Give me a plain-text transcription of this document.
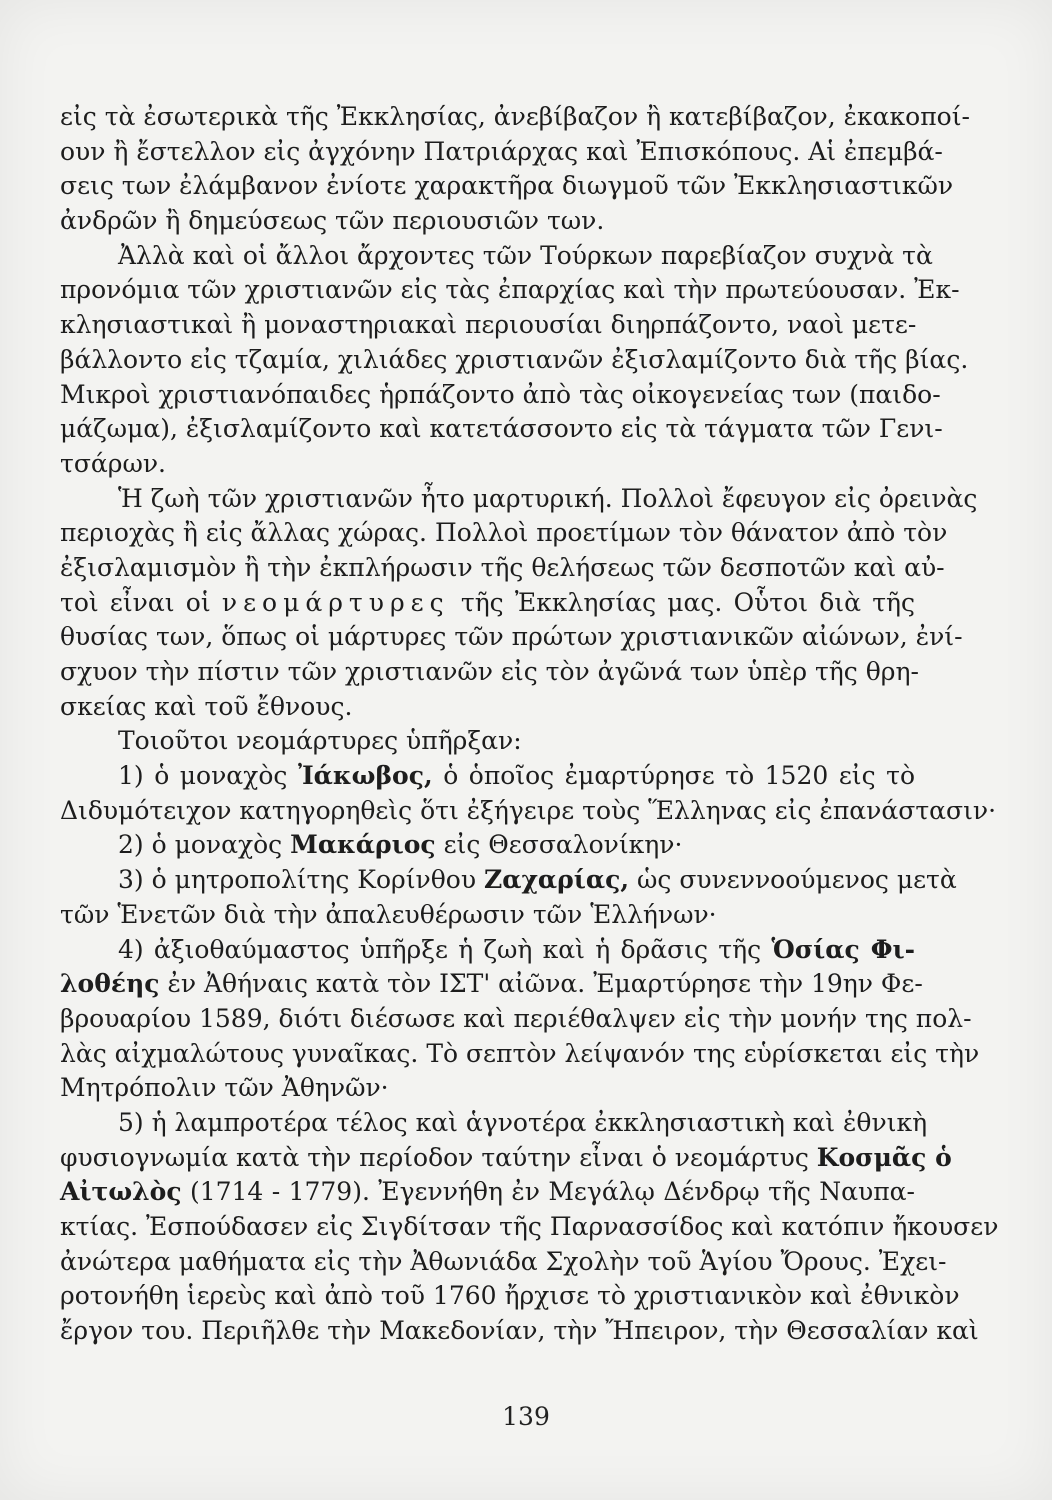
εἰς τὰ ἐσωτερικὰ τῆς Ἐκκλησίας, ἀνεβίβαζον ἢ κατεβίβαζον, ἐκακοποί-
ουν ἢ ἔστελλον εἰς ἀγχόνην Πατριάρχας καὶ Ἐπισκόπους. Αἱ ἐπεμβά-
σεις των ἐλάμβανον ἐνίοτε χαρακτῆρα διωγμοῦ τῶν Ἐκκλησιαστικῶν
ἀνδρῶν ἢ δημεύσεως τῶν περιουσιῶν των.
Ἀλλὰ καὶ οἱ ἄλλοι ἄρχοντες τῶν Τούρκων παρεβίαζον συχνὰ τὰ
προνόμια τῶν χριστιανῶν εἰς τὰς ἐπαρχίας καὶ τὴν πρωτεύουσαν. Ἐκ-
κλησιαστικαὶ ἢ μοναστηριακαὶ περιουσίαι διηρπάζοντο, ναοὶ μετε-
βάλλοντο εἰς τζαμία, χιλιάδες χριστιανῶν ἐξισλαμίζοντο διὰ τῆς βίας.
Μικροὶ χριστιανόπαιδες ἡρπάζοντο ἀπὸ τὰς οἰκογενείας των (παιδο-
μάζωμα), ἐξισλαμίζοντο καὶ κατετάσσοντο εἰς τὰ τάγματα τῶν Γενι-
τσάρων.
Ἡ ζωὴ τῶν χριστιανῶν ἦτο μαρτυρική. Πολλοὶ ἔφευγον εἰς ὀρεινὰς
περιοχὰς ἢ εἰς ἄλλας χώρας. Πολλοὶ προετίμων τὸν θάνατον ἀπὸ τὸν
ἐξισλαμισμὸν ἢ τὴν ἐκπλήρωσιν τῆς θελήσεως τῶν δεσποτῶν καὶ αὐ-
τοὶ εἶναι οἱ νεομάρτυρες τῆς Ἐκκλησίας μας. Οὗτοι διὰ τῆς
θυσίας των, ὅπως οἱ μάρτυρες τῶν πρώτων χριστιανικῶν αἰώνων, ἐνί-
σχυον τὴν πίστιν τῶν χριστιανῶν εἰς τὸν ἀγῶνά των ὑπὲρ τῆς θρη-
σκείας καὶ τοῦ ἔθνους.
Τοιοῦτοι νεομάρτυρες ὑπῆρξαν:
1) ὁ μοναχὸς Ἰάκωβος, ὁ ὁποῖος ἐμαρτύρησε τὸ 1520 εἰς τὸ
Διδυμότειχον κατηγορηθεὶς ὅτι ἐξήγειρε τοὺς Ἕλληνας εἰς ἐπανάστασιν·
2) ὁ μοναχὸς Μακάριος εἰς Θεσσαλονίκην·
3) ὁ μητροπολίτης Κορίνθου Ζαχαρίας, ὡς συνεννοούμενος μετὰ
τῶν Ἑνετῶν διὰ τὴν ἀπαλευθέρωσιν τῶν Ἑλλήνων·
4) ἀξιοθαύμαστος ὑπῆρξε ἡ ζωὴ καὶ ἡ δρᾶσις τῆς Ὁσίας Φι-
λοθέης ἐν Ἀθήναις κατὰ τὸν ΙΣΤ' αἰῶνα. Ἐμαρτύρησε τὴν 19ην Φε-
βρουαρίου 1589, διότι διέσωσε καὶ περιέθαλψεν εἰς τὴν μονήν της πολ-
λὰς αἰχμαλώτους γυναῖκας. Τὸ σεπτὸν λείψανόν της εὑρίσκεται εἰς τὴν
Μητρόπολιν τῶν Ἀθηνῶν·
5) ἡ λαμπροτέρα τέλος καὶ ἁγνοτέρα ἐκκλησιαστικὴ καὶ ἐθνικὴ
φυσιογνωμία κατὰ τὴν περίοδον ταύτην εἶναι ὁ νεομάρτυς Κοσμᾶς ὁ
Αἰτωλὸς (1714 - 1779). Ἐγεννήθη ἐν Μεγάλῳ Δένδρῳ τῆς Ναυπα-
κτίας. Ἐσπούδασεν εἰς Σιγδίτσαν τῆς Παρνασσίδος καὶ κατόπιν ἤκουσεν
ἀνώτερα μαθήματα εἰς τὴν Ἀθωνιάδα Σχολὴν τοῦ Ἁγίου Ὄρους. Ἐχει-
ροτονήθη ἱερεὺς καὶ ἀπὸ τοῦ 1760 ἤρχισε τὸ χριστιανικὸν καὶ ἐθνικὸν
ἔργον του. Περιῆλθε τὴν Μακεδονίαν, τὴν Ἤπειρον, τὴν Θεσσαλίαν καὶ
139
